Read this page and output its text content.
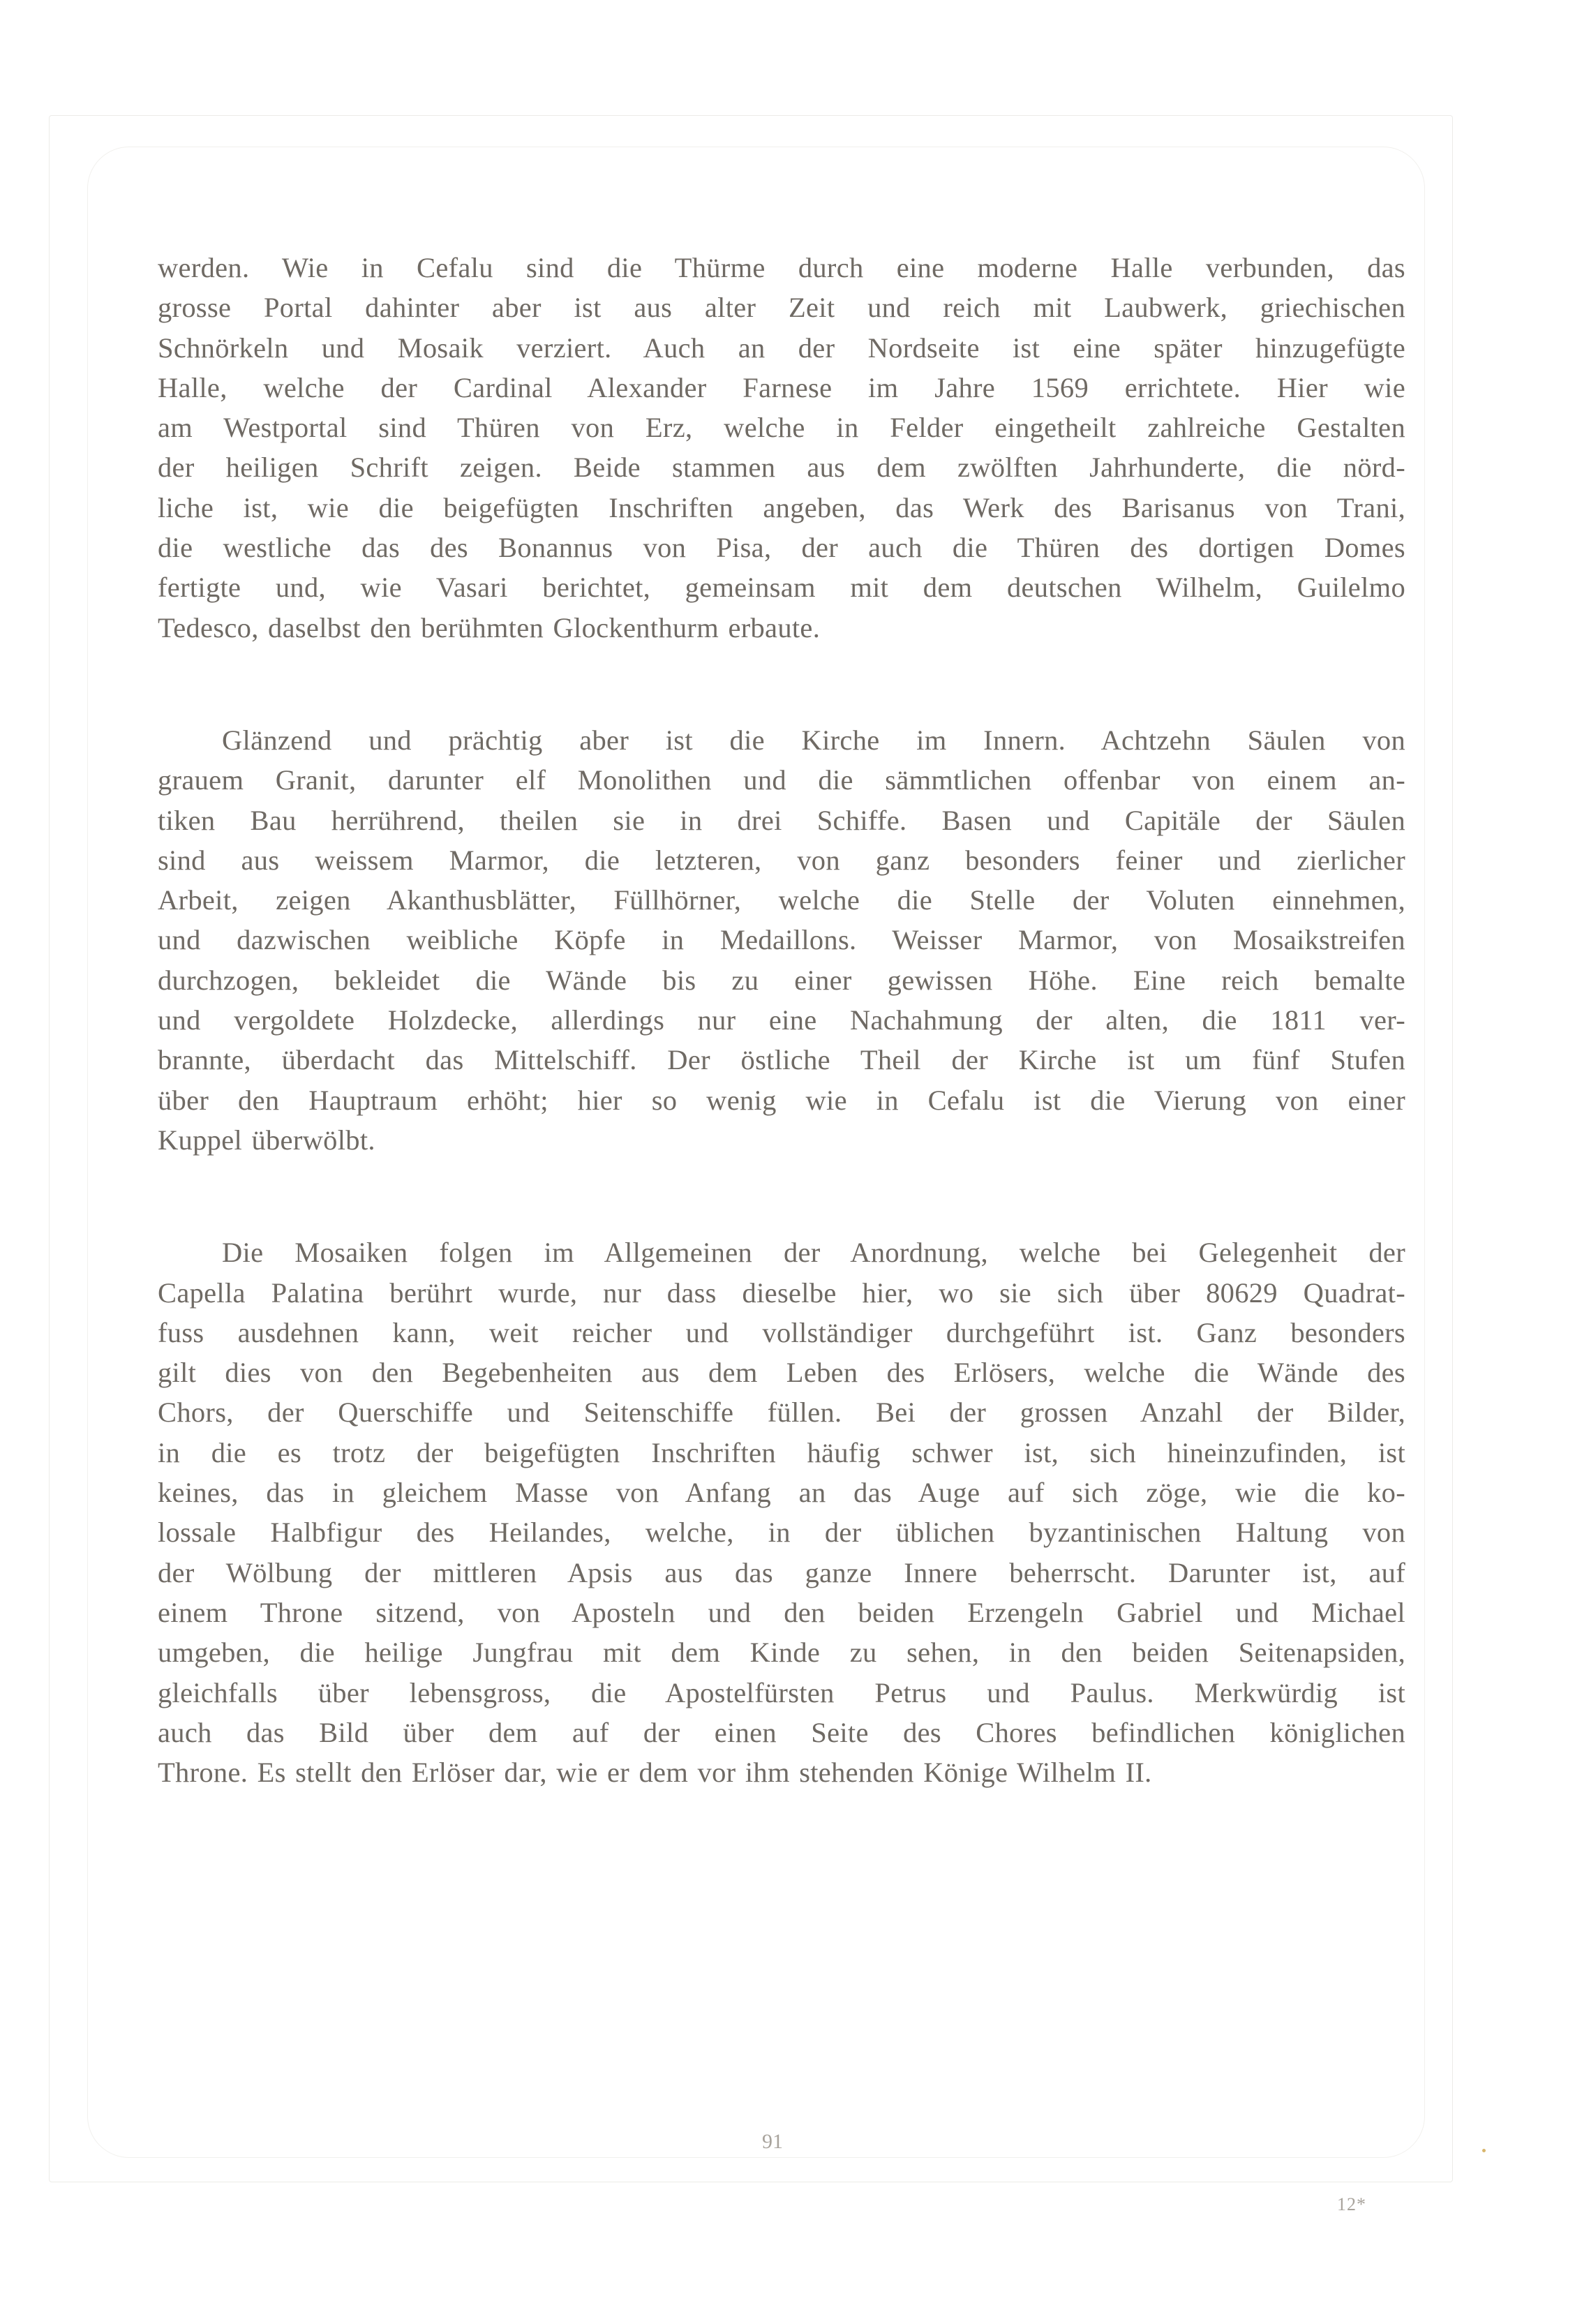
werden. Wie in Cefalu sind die Thürme durch eine moderne Halle verbunden, das
grosse Portal dahinter aber ist aus alter Zeit und reich mit Laubwerk, griechischen
Schnörkeln und Mosaik verziert. Auch an der Nordseite ist eine später hinzugefügte
Halle, welche der Cardinal Alexander Farnese im Jahre 1569 errichtete. Hier wie
am Westportal sind Thüren von Erz, welche in Felder eingetheilt zahlreiche Gestalten
der heiligen Schrift zeigen. Beide stammen aus dem zwölften Jahrhunderte, die nörd-
liche ist, wie die beigefügten Inschriften angeben, das Werk des Barisanus von Trani,
die westliche das des Bonannus von Pisa, der auch die Thüren des dortigen Domes
fertigte und, wie Vasari berichtet, gemeinsam mit dem deutschen Wilhelm, Guilelmo
Tedesco, daselbst den berühmten Glockenthurm erbaute.

Glänzend und prächtig aber ist die Kirche im Innern. Achtzehn Säulen von
grauem Granit, darunter elf Monolithen und die sämmtlichen offenbar von einem an-
tiken Bau herrührend, theilen sie in drei Schiffe. Basen und Capitäle der Säulen
sind aus weissem Marmor, die letzteren, von ganz besonders feiner und zierlicher
Arbeit, zeigen Akanthusblätter, Füllhörner, welche die Stelle der Voluten einnehmen,
und dazwischen weibliche Köpfe in Medaillons. Weisser Marmor, von Mosaikstreifen
durchzogen, bekleidet die Wände bis zu einer gewissen Höhe. Eine reich bemalte
und vergoldete Holzdecke, allerdings nur eine Nachahmung der alten, die 1811 ver-
brannte, überdacht das Mittelschiff. Der östliche Theil der Kirche ist um fünf Stufen
über den Hauptraum erhöht; hier so wenig wie in Cefalu ist die Vierung von einer
Kuppel überwölbt.

Die Mosaiken folgen im Allgemeinen der Anordnung, welche bei Gelegenheit der
Capella Palatina berührt wurde, nur dass dieselbe hier, wo sie sich über 80629 Quadrat-
fuss ausdehnen kann, weit reicher und vollständiger durchgeführt ist. Ganz besonders
gilt dies von den Begebenheiten aus dem Leben des Erlösers, welche die Wände des
Chors, der Querschiffe und Seitenschiffe füllen. Bei der grossen Anzahl der Bilder,
in die es trotz der beigefügten Inschriften häufig schwer ist, sich hineinzufinden, ist
keines, das in gleichem Masse von Anfang an das Auge auf sich zöge, wie die ko-
lossale Halbfigur des Heilandes, welche, in der üblichen byzantinischen Haltung von
der Wölbung der mittleren Apsis aus das ganze Innere beherrscht. Darunter ist, auf
einem Throne sitzend, von Aposteln und den beiden Erzengeln Gabriel und Michael
umgeben, die heilige Jungfrau mit dem Kinde zu sehen, in den beiden Seitenapsiden,
gleichfalls über lebensgross, die Apostelfürsten Petrus und Paulus. Merkwürdig ist
auch das Bild über dem auf der einen Seite des Chores befindlichen königlichen
Throne. Es stellt den Erlöser dar, wie er dem vor ihm stehenden Könige Wilhelm II.

91
12*
